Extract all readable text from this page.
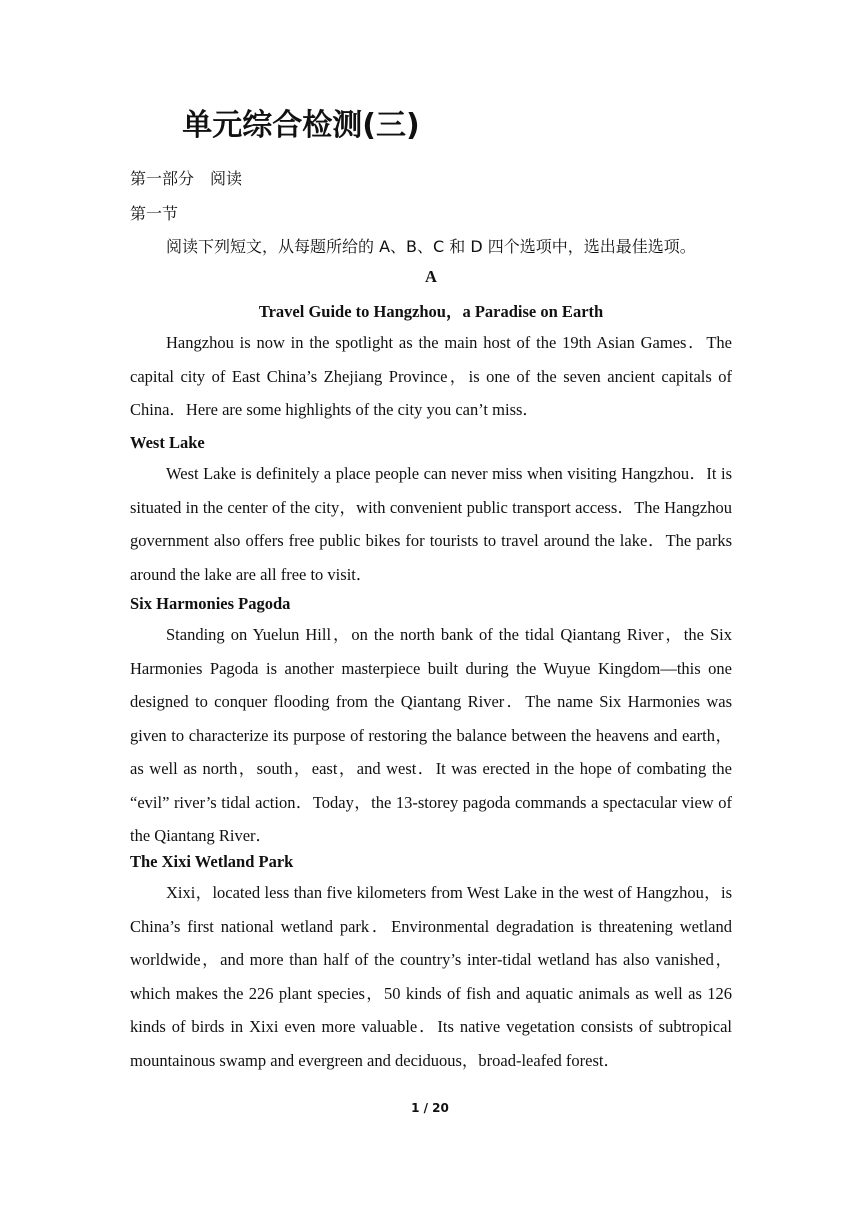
单元综合检测(三)
第一部分　阅读
第一节
阅读下列短文，从每题所给的 A、B、C 和 D 四个选项中，选出最佳选项。
A
Travel Guide to Hangzhou，a Paradise on Earth

Hangzhou is now in the spotlight as the main host of the 19th Asian Games．The capital city of East China’s Zhejiang Province，is one of the seven ancient capitals of China．Here are some highlights of the city you can’t miss．

West Lake

West Lake is definitely a place people can never miss when visiting Hangzhou．It is situated in the center of the city，with convenient public transport access．The Hangzhou government also offers free public bikes for tourists to travel around the lake．The parks around the lake are all free to visit．

Six Harmonies Pagoda

Standing on Yuelun Hill，on the north bank of the tidal Qiantang River，the Six Harmonies Pagoda is another masterpiece built during the Wuyue Kingdom—this one designed to conquer flooding from the Qiantang River．The name Six Harmonies was given to characterize its purpose of restoring the balance between the heavens and earth，as well as north，south，east，and west．It was erected in the hope of combating the “evil” river’s tidal action．Today，the 13-storey pagoda commands a spectacular view of the Qiantang River．

The Xixi Wetland Park

Xixi，located less than five kilometers from West Lake in the west of Hangzhou，is China’s first national wetland park．Environmental degradation is threatening wetland worldwide，and more than half of the country’s inter-tidal wetland has also vanished，which makes the 226 plant species，50 kinds of fish and aquatic animals as well as 126 kinds of birds in Xixi even more valuable．Its native vegetation consists of subtropical mountainous swamp and evergreen and deciduous，broad-leafed forest．

1 / 20
